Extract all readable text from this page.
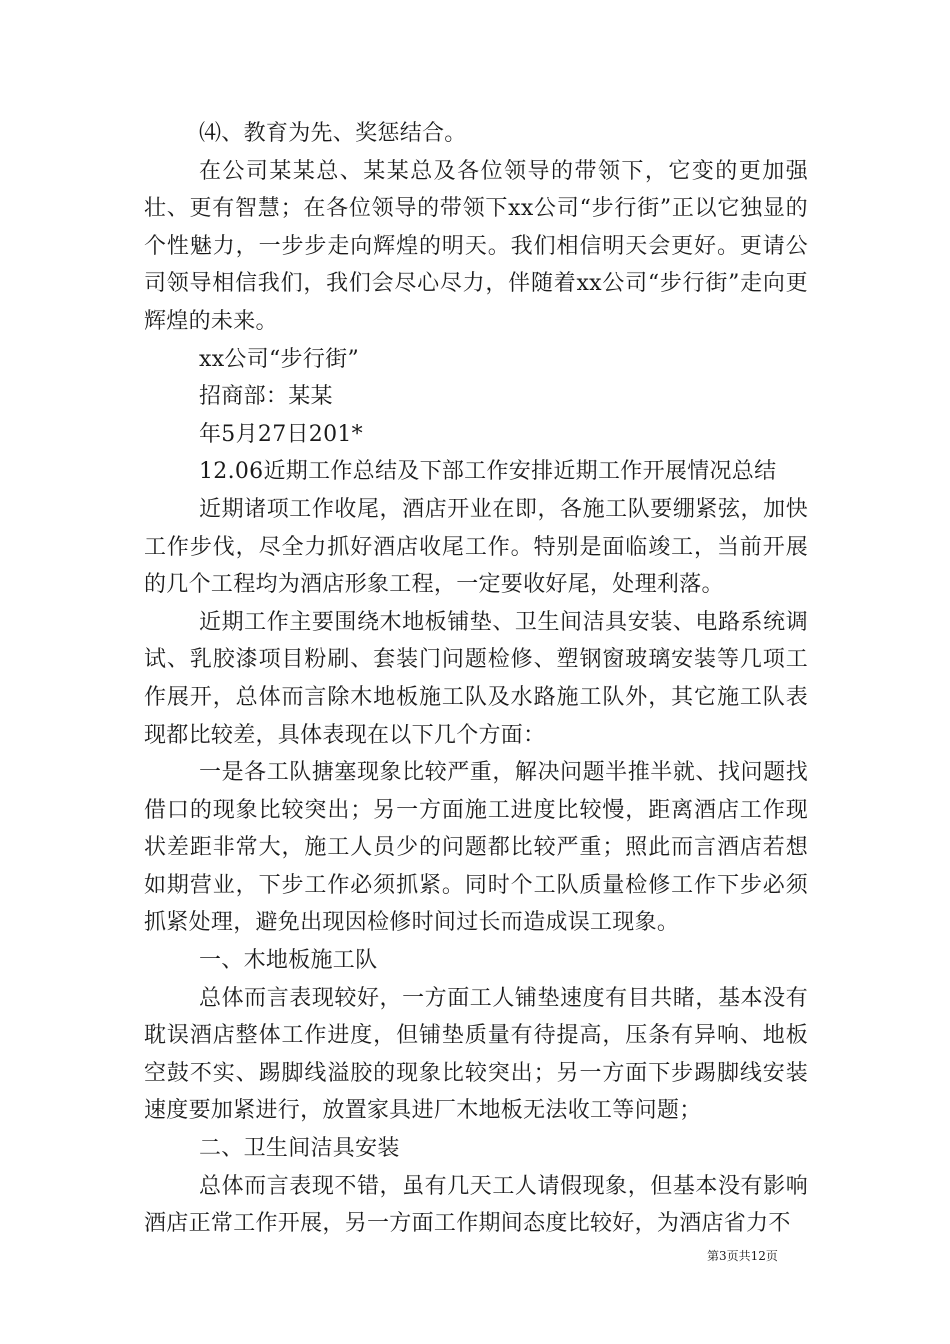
⑷、教育为先、奖惩结合。

在公司某某总、某某总及各位领导的带领下，它变的更加强壮、更有智慧；在各位领导的带领下xx公司“步行街”正以它独显的个性魅力，一步步走向辉煌的明天。我们相信明天会更好。更请公司领导相信我们，我们会尽心尽力，伴随着xx公司“步行街”走向更辉煌的未来。

xx公司“步行街”

招商部：某某

年5月27日201*

12.06近期工作总结及下部工作安排近期工作开展情况总结

近期诸项工作收尾，酒店开业在即，各施工队要绷紧弦，加快工作步伐，尽全力抓好酒店收尾工作。特别是面临竣工，当前开展的几个工程均为酒店形象工程，一定要收好尾，处理利落。

近期工作主要围绕木地板铺垫、卫生间洁具安装、电路系统调试、乳胶漆项目粉刷、套装门问题检修、塑钢窗玻璃安装等几项工作展开，总体而言除木地板施工队及水路施工队外，其它施工队表现都比较差，具体表现在以下几个方面：

一是各工队搪塞现象比较严重，解决问题半推半就、找问题找借口的现象比较突出；另一方面施工进度比较慢，距离酒店工作现状差距非常大，施工人员少的问题都比较严重；照此而言酒店若想如期营业，下步工作必须抓紧。同时个工队质量检修工作下步必须抓紧处理，避免出现因检修时间过长而造成误工现象。

一、木地板施工队

总体而言表现较好，一方面工人铺垫速度有目共睹，基本没有耽误酒店整体工作进度，但铺垫质量有待提高，压条有异响、地板空鼓不实、踢脚线溢胶的现象比较突出；另一方面下步踢脚线安装速度要加紧进行，放置家具进厂木地板无法收工等问题；

二、卫生间洁具安装

总体而言表现不错，虽有几天工人请假现象，但基本没有影响酒店正常工作开展，另一方面工作期间态度比较好，为酒店省力不

第3页共12页
